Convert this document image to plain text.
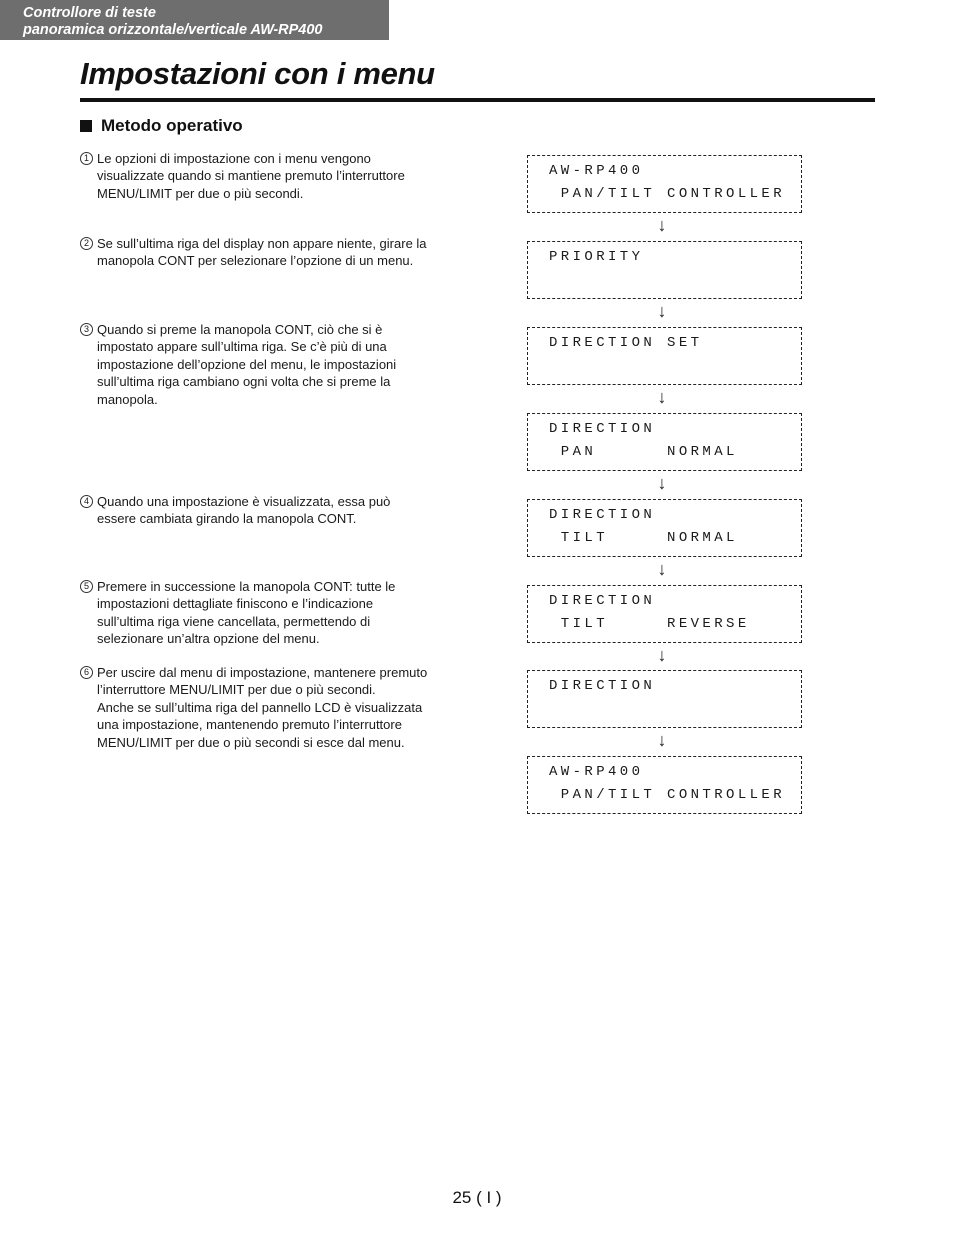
Controllore di teste
panoramica orizzontale/verticale AW-RP400
Impostazioni con i menu
Metodo operativo
1 Le opzioni di impostazione con i menu vengono
visualizzate quando si mantiene premuto l’interruttore
MENU/LIMIT per due o più secondi.
2 Se sull’ultima riga del display non appare niente, girare la
manopola CONT per selezionare l’opzione di un menu.
3 Quando si preme la manopola CONT, ciò che si è
impostato appare sull’ultima riga. Se c’è più di una
impostazione dell’opzione del menu, le impostazioni
sull’ultima riga cambiano ogni volta che si preme la
manopola.
4 Quando una impostazione è visualizzata, essa può
essere cambiata girando la manopola CONT.
5 Premere in successione la manopola CONT: tutte le
impostazioni dettagliate finiscono e l’indicazione
sull’ultima riga viene cancellata, permettendo di
selezionare un’altra opzione del menu.
6 Per uscire dal menu di impostazione, mantenere premuto
l’interruttore MENU/LIMIT per due o più secondi.
Anche se sull’ultima riga del pannello LCD è visualizzata
una impostazione, mantenendo premuto l’interruttore
MENU/LIMIT per due o più secondi si esce dal menu.
AW-RP400
PAN/TILT CONTROLLER
↓
PRIORITY
↓
DIRECTION SET
↓
DIRECTION
PAN      NORMAL
↓
DIRECTION
TILT     NORMAL
↓
DIRECTION
TILT     REVERSE
↓
DIRECTION
↓
AW-RP400
PAN/TILT CONTROLLER
25 ( I )
